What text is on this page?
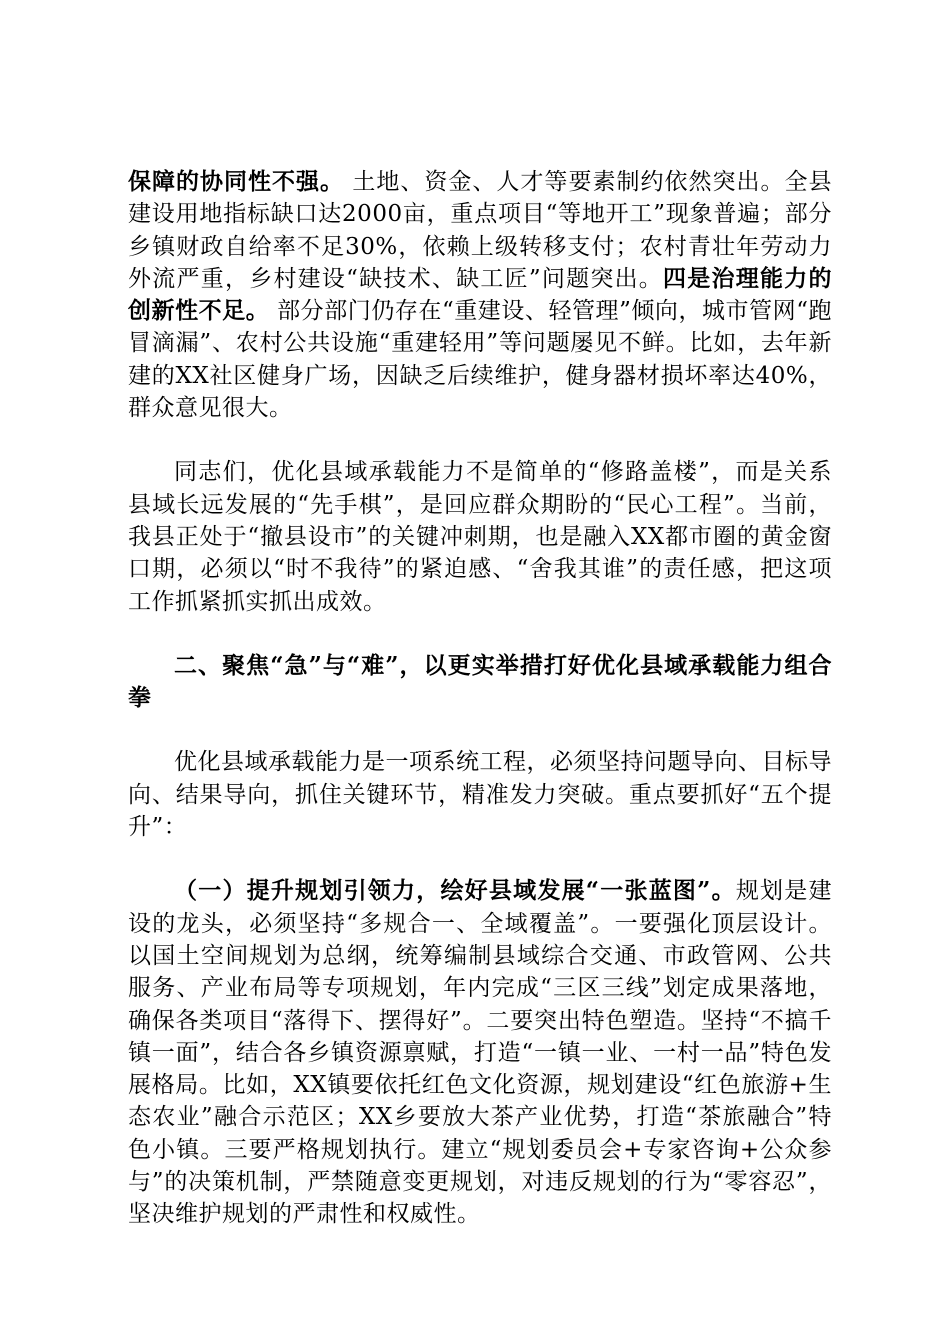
保障的协同性不强。 土地、资金、人才等要素制约依然突出。全县建设用地指标缺口达2000亩，重点项目“等地开工”现象普遍；部分乡镇财政自给率不足30%，依赖上级转移支付；农村青壮年劳动力外流严重，乡村建设“缺技术、缺工匠”问题突出。四是治理能力的创新性不足。 部分部门仍存在“重建设、轻管理”倾向，城市管网“跑冒滴漏”、农村公共设施“重建轻用”等问题屡见不鲜。比如，去年新建的XX社区健身广场，因缺乏后续维护，健身器材损坏率达40%，群众意见很大。

同志们，优化县域承载能力不是简单的“修路盖楼”，而是关系县域长远发展的“先手棋”，是回应群众期盼的“民心工程”。当前，我县正处于“撤县设市”的关键冲刺期，也是融入XX都市圈的黄金窗口期，必须以“时不我待”的紧迫感、“舍我其谁”的责任感，把这项工作抓紧抓实抓出成效。

二、聚焦“急”与“难”，以更实举措打好优化县域承载能力组合拳

优化县域承载能力是一项系统工程，必须坚持问题导向、目标导向、结果导向，抓住关键环节，精准发力突破。重点要抓好“五个提升”：

（一）提升规划引领力，绘好县域发展“一张蓝图”。规划是建设的龙头，必须坚持“多规合一、全域覆盖”。一要强化顶层设计。以国土空间规划为总纲，统筹编制县域综合交通、市政管网、公共服务、产业布局等专项规划，年内完成“三区三线”划定成果落地，确保各类项目“落得下、摆得好”。二要突出特色塑造。坚持“不搞千镇一面”，结合各乡镇资源禀赋，打造“一镇一业、一村一品”特色发展格局。比如，XX镇要依托红色文化资源，规划建设“红色旅游+生态农业”融合示范区；XX乡要放大茶产业优势，打造“茶旅融合”特色小镇。三要严格规划执行。建立“规划委员会+专家咨询+公众参与”的决策机制，严禁随意变更规划，对违反规划的行为“零容忍”，坚决维护规划的严肃性和权威性。
